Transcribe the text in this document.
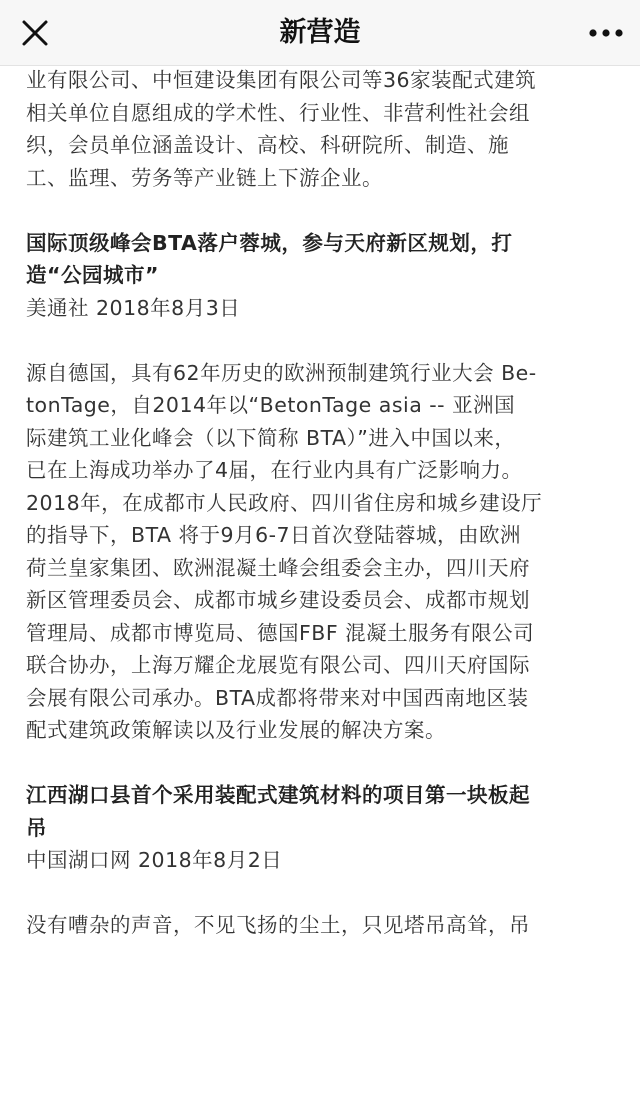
新营造

业有限公司、中恒建设集团有限公司等36家装配式建筑

相关单位自愿组成的学术性、行业性、非营利性社会组

织，会员单位涵盖设计、高校、科研院所、制造、施

工、监理、劳务等产业链上下游企业。

国际顶级峰会BTA落户蓉城，参与天府新区规划，打

造“公园城市”

美通社 2018年8月3日

源自德国，具有62年历史的欧洲预制建筑行业大会 Be-

tonTage，自2014年以“BetonTage asia -- 亚洲国

际建筑工业化峰会（以下简称 BTA）”进入中国以来，

已在上海成功举办了4届，在行业内具有广泛影响力。

2018年，在成都市人民政府、四川省住房和城乡建设厅

的指导下，BTA 将于9月6-7日首次登陆蓉城，由欧洲

荷兰皇家集团、欧洲混凝土峰会组委会主办，四川天府

新区管理委员会、成都市城乡建设委员会、成都市规划

管理局、成都市博览局、德国FBF 混凝土服务有限公司

联合协办，上海万耀企龙展览有限公司、四川天府国际

会展有限公司承办。BTA成都将带来对中国西南地区装

配式建筑政策解读以及行业发展的解决方案。

江西湖口县首个采用装配式建筑材料的项目第一块板起

吊

中国湖口网 2018年8月2日

没有嘈杂的声音，不见飞扬的尘土，只见塔吊高耸，吊
